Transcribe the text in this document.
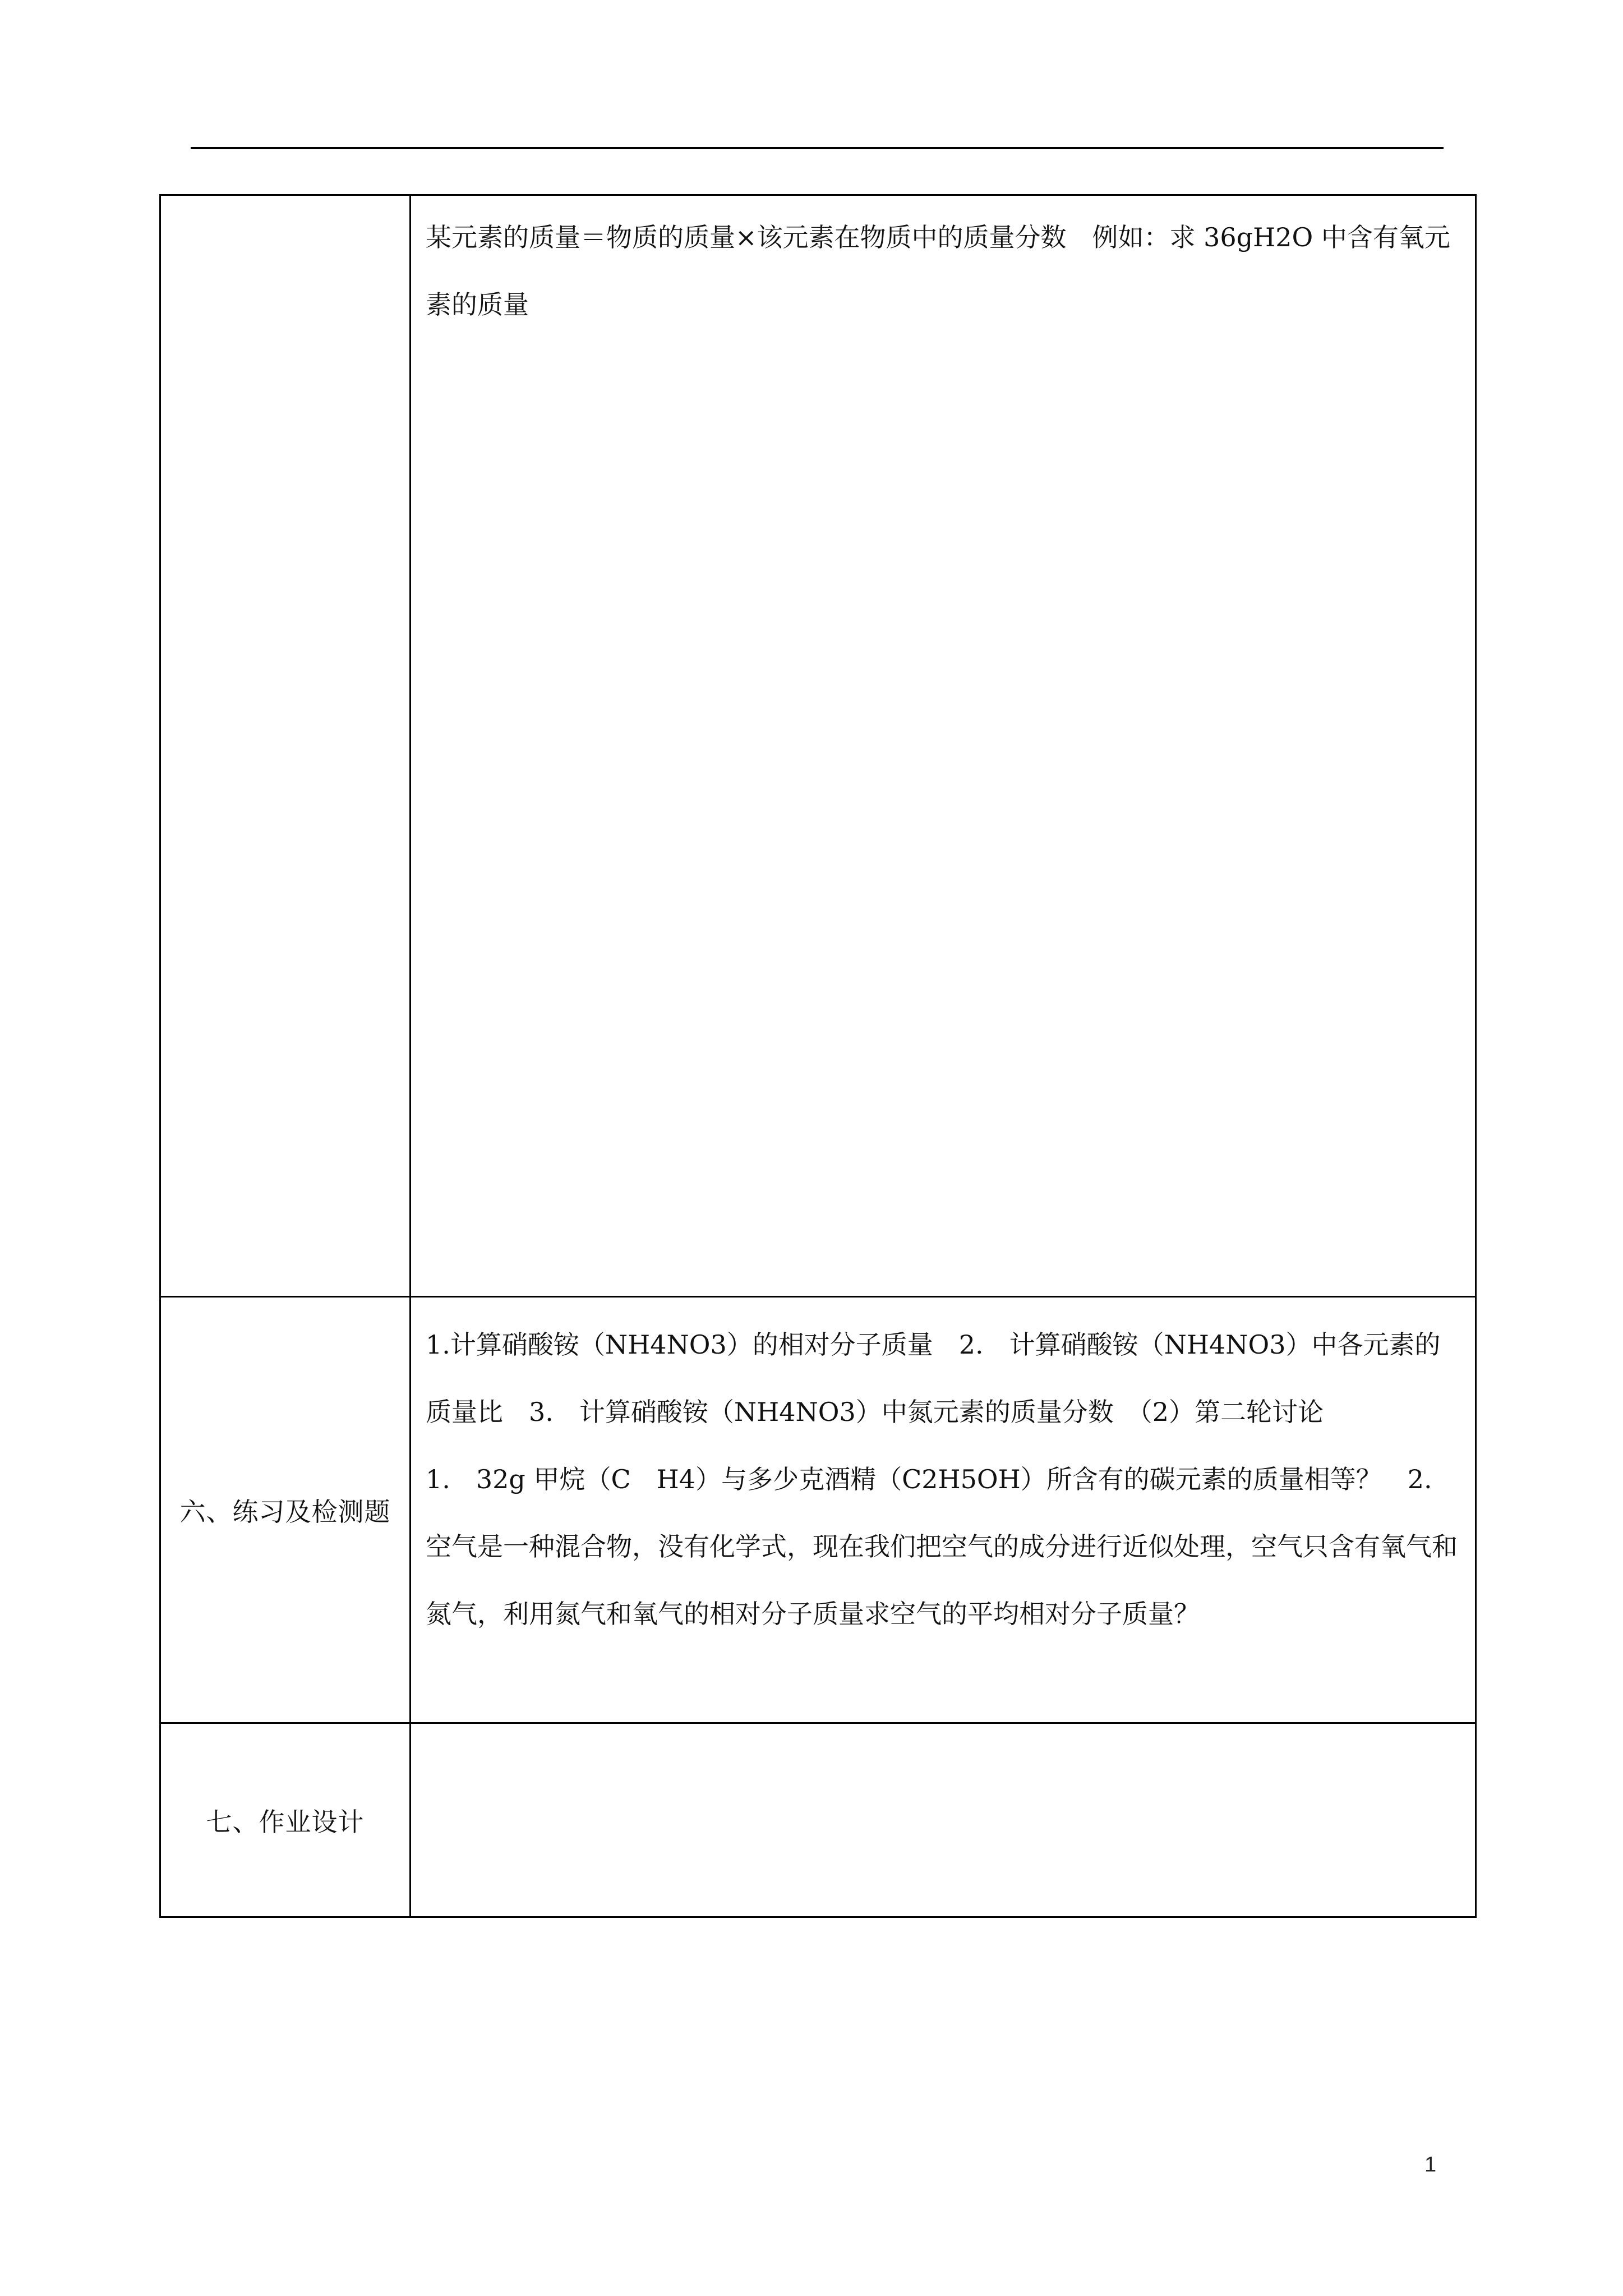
	某元素的质量＝物质的质量×该元素在物质中的质量分数　例如：求 36gH2O 中含有氧元素的质量

六、练习及检测题	1.计算硝酸铵（NH4NO3）的相对分子质量　2.　计算硝酸铵（NH4NO3）中各元素的质量比　3.　计算硝酸铵（NH4NO3）中氮元素的质量分数　（2）第二轮讨论
1.　32g 甲烷（C　H4）与多少克酒精（C2H5OH）所含有的碳元素的质量相等？　2.　空气是一种混合物，没有化学式，现在我们把空气的成分进行近似处理，空气只含有氧气和氮气，利用氮气和氧气的相对分子质量求空气的平均相对分子质量？

七、作业设计	
1
